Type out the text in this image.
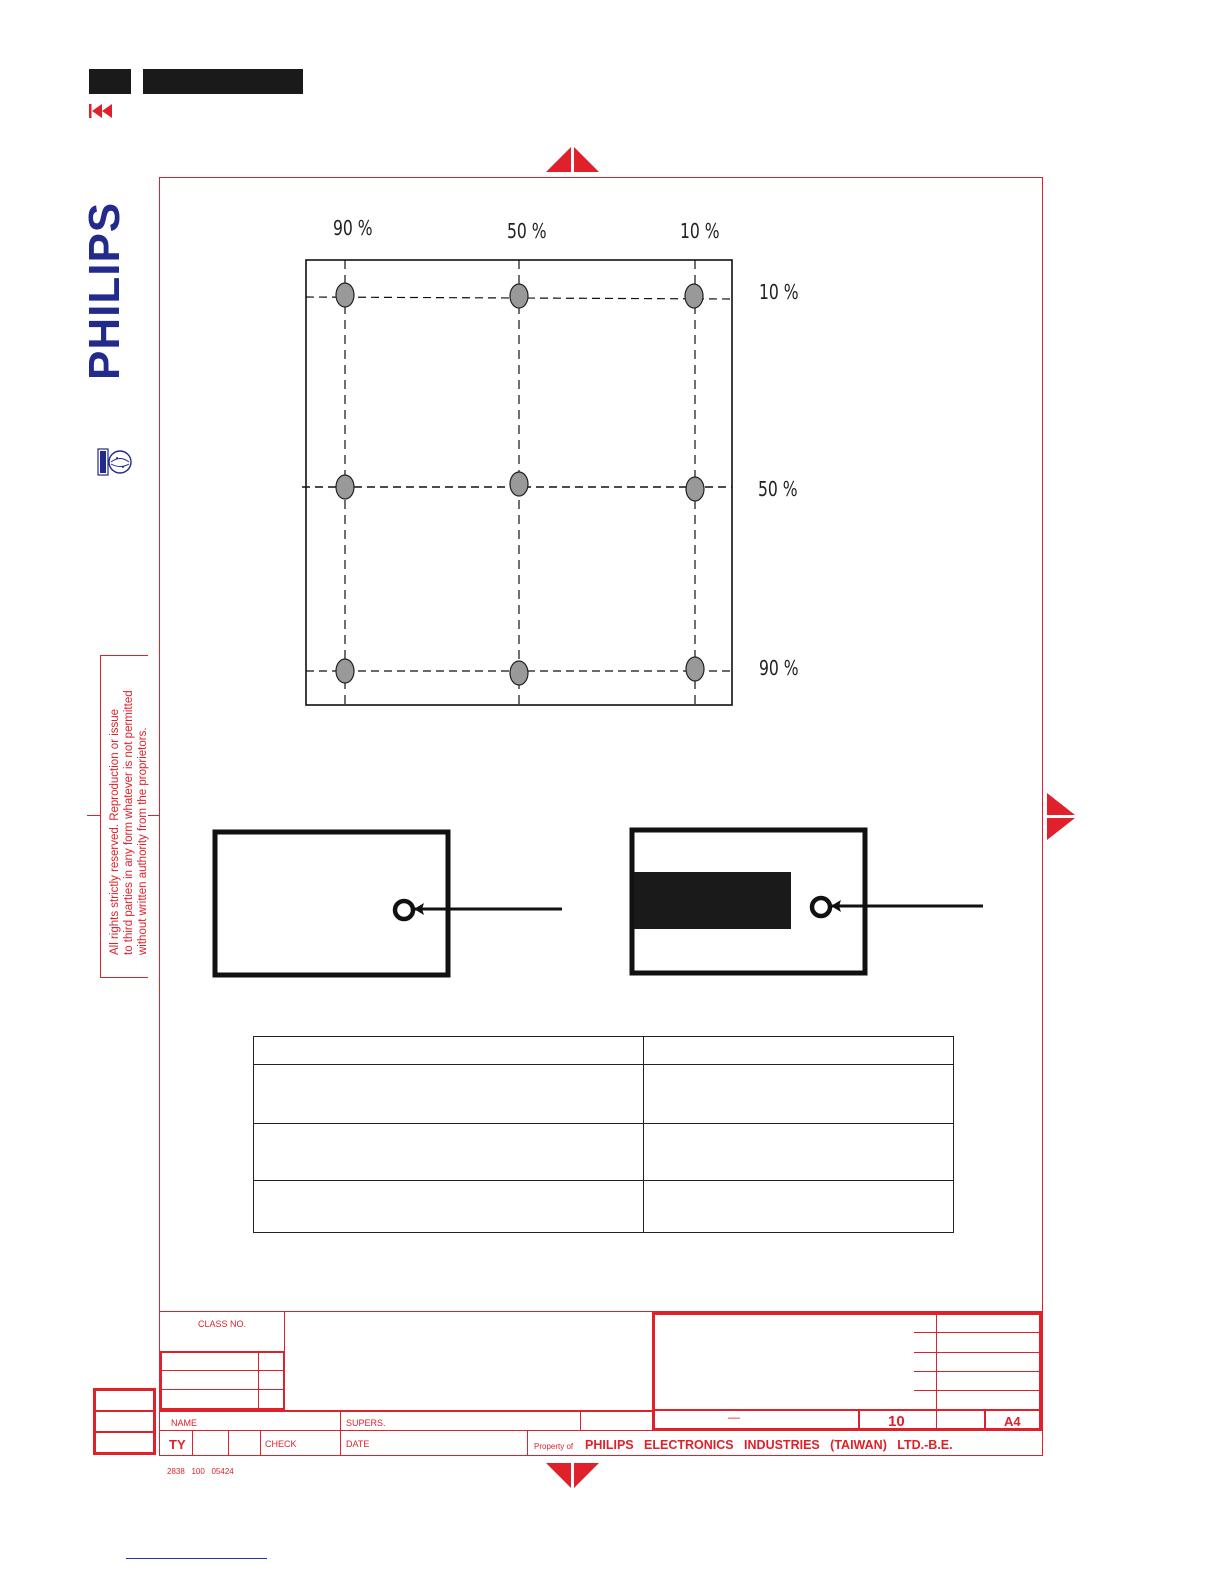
PHILIPS
All rights strictly reserved. Reproduction or issue to third parties in any form whatever is not permitted without written authority from the proprietors.
90 %	50 %	10 %
10 %
50 %
90 %
CLASS NO.
—	10	A4
NAME	SUPERS.
TY	CHECK	DATE	Property of PHILIPS   ELECTRONICS   INDUSTRIES   (TAIWAN)   LTD.-B.E.
2838   100   05424
